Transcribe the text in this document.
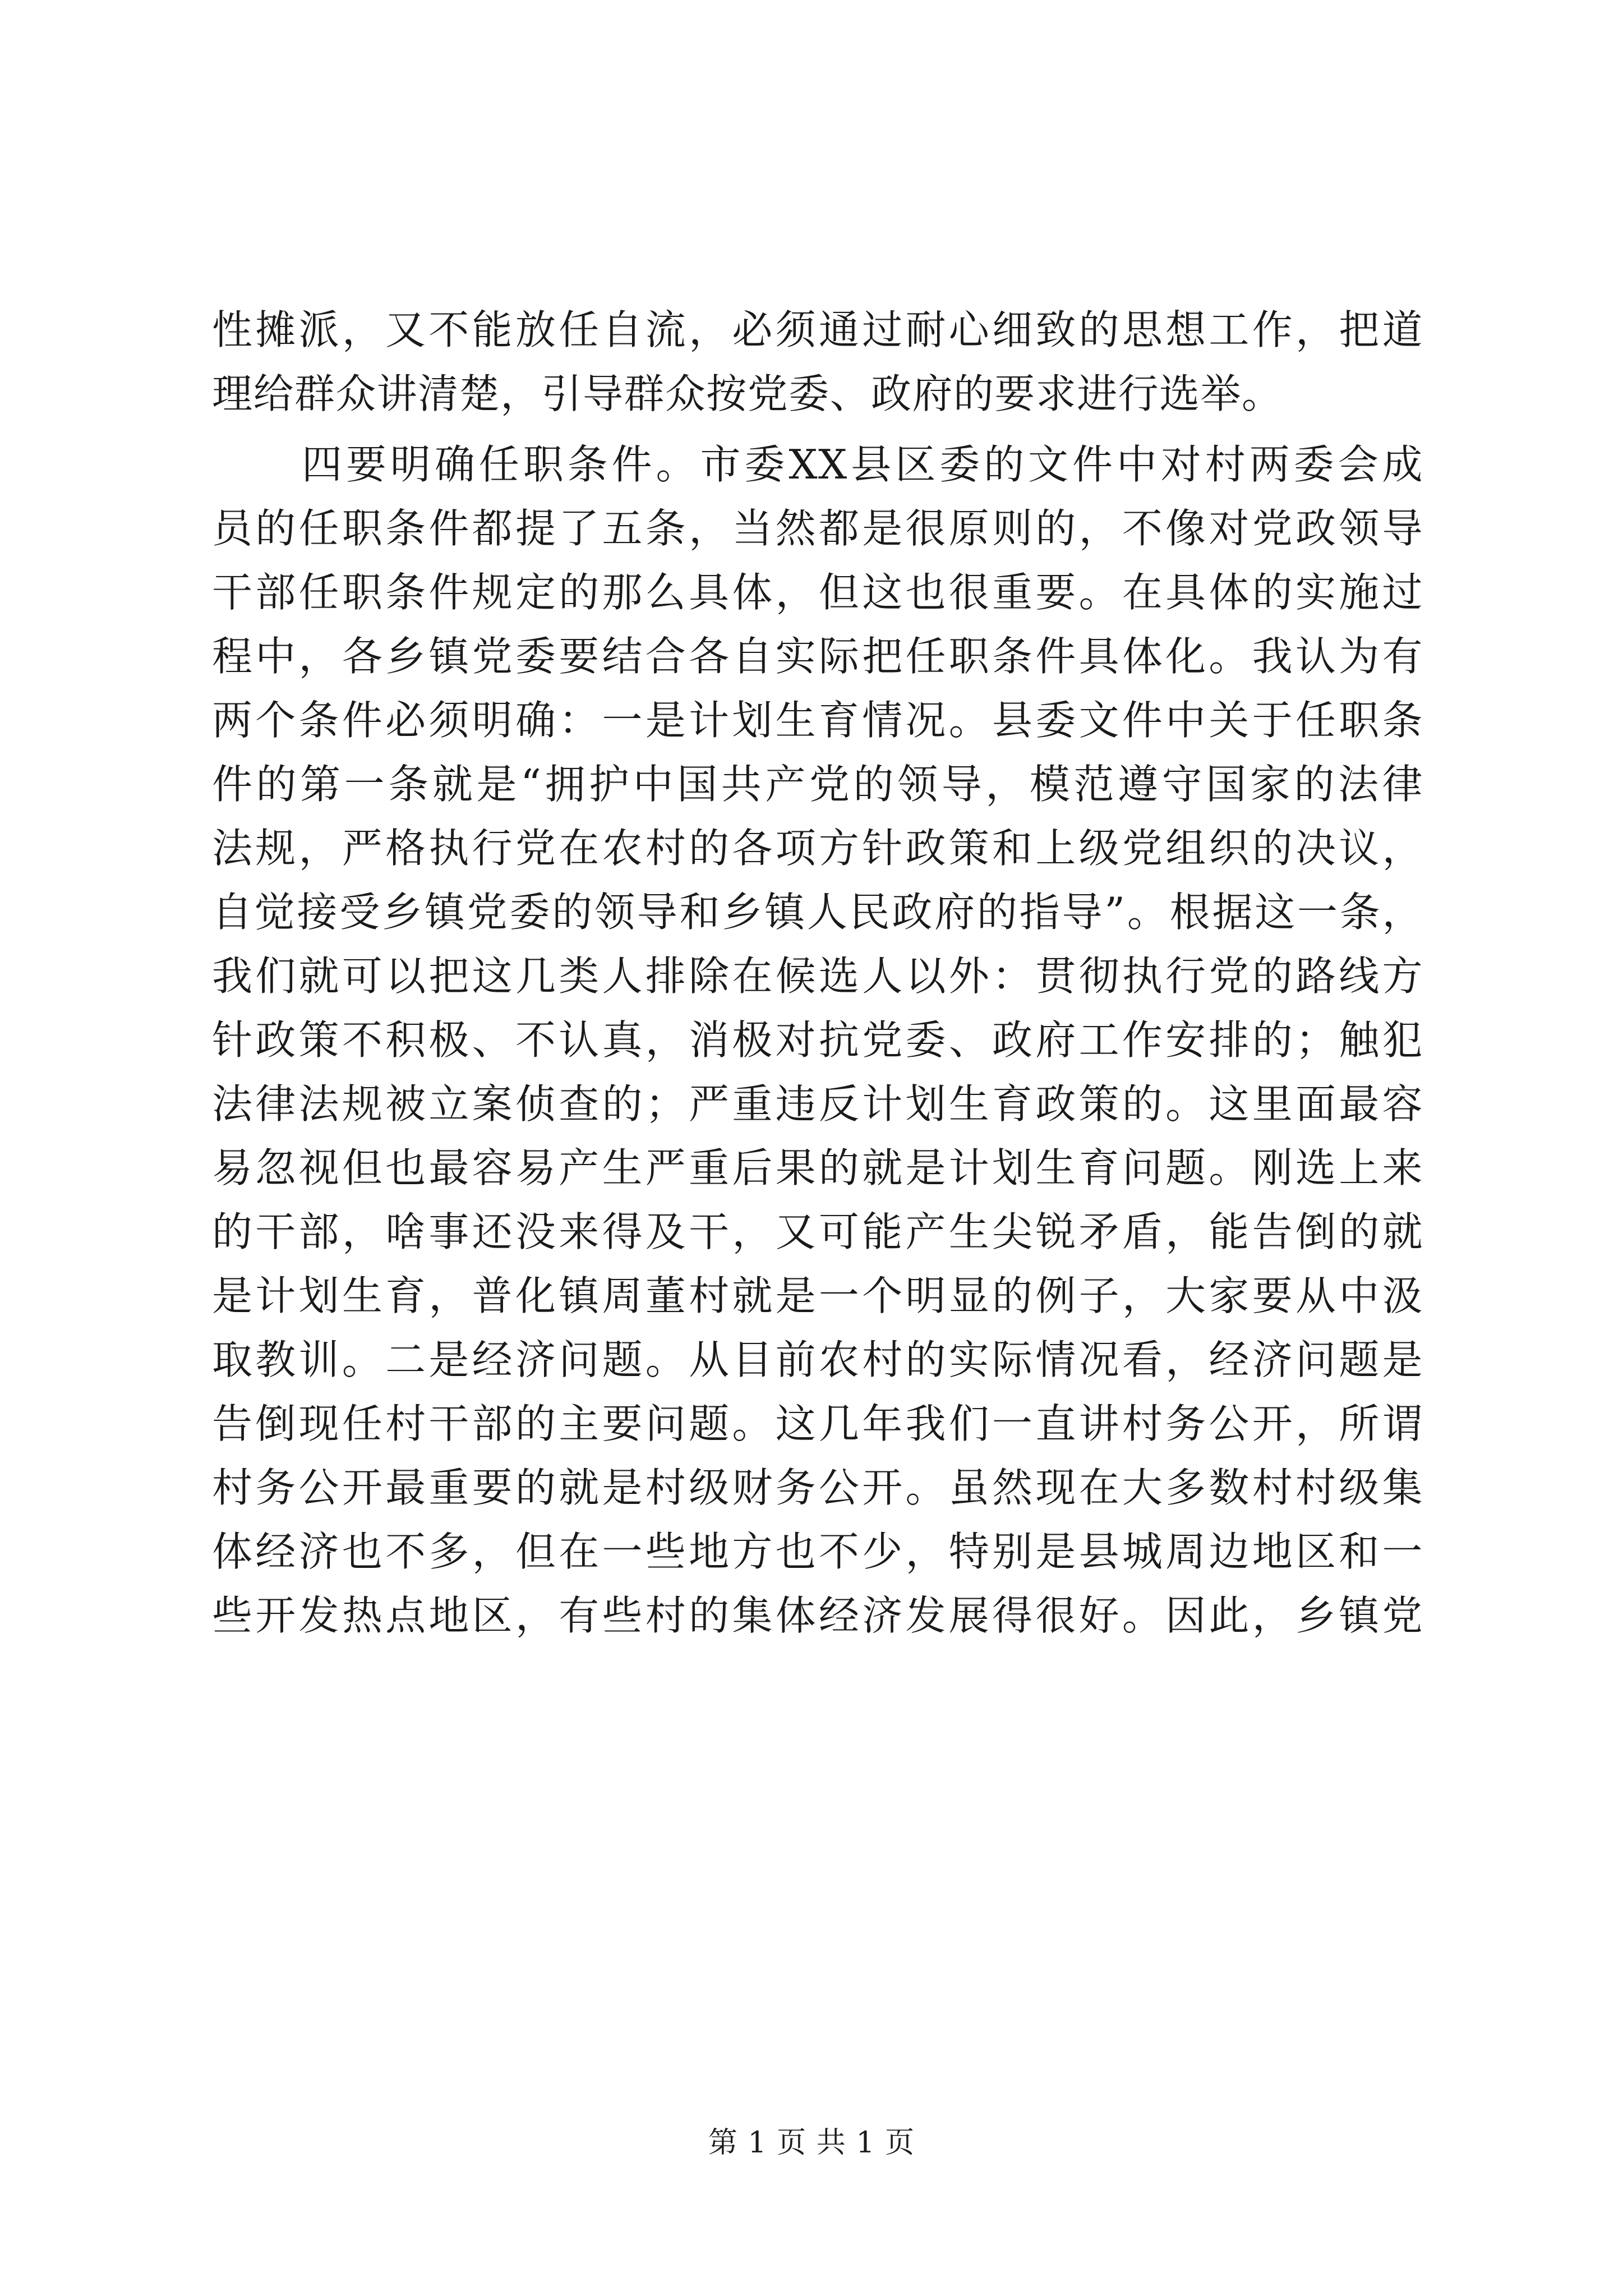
性摊派，又不能放任自流，必须通过耐心细致的思想工作，把道
理给群众讲清楚，引导群众按党委、政府的要求进行选举。
四要明确任职条件。市委XX县区委的文件中对村两委会成
员的任职条件都提了五条，当然都是很原则的，不像对党政领导
干部任职条件规定的那么具体，但这也很重要。在具体的实施过
程中，各乡镇党委要结合各自实际把任职条件具体化。我认为有
两个条件必须明确：一是计划生育情况。县委文件中关于任职条
件的第一条就是“拥护中国共产党的领导，模范遵守国家的法律
法规，严格执行党在农村的各项方针政策和上级党组织的决议，
自觉接受乡镇党委的领导和乡镇人民政府的指导”。根据这一条，
我们就可以把这几类人排除在候选人以外：贯彻执行党的路线方
针政策不积极、不认真，消极对抗党委、政府工作安排的；触犯
法律法规被立案侦查的；严重违反计划生育政策的。这里面最容
易忽视但也最容易产生严重后果的就是计划生育问题。刚选上来
的干部，啥事还没来得及干，又可能产生尖锐矛盾，能告倒的就
是计划生育，普化镇周董村就是一个明显的例子，大家要从中汲
取教训。二是经济问题。从目前农村的实际情况看，经济问题是
告倒现任村干部的主要问题。这几年我们一直讲村务公开，所谓
村务公开最重要的就是村级财务公开。虽然现在大多数村村级集
体经济也不多，但在一些地方也不少，特别是县城周边地区和一
些开发热点地区，有些村的集体经济发展得很好。因此，乡镇党
第 1 页 共 1 页
